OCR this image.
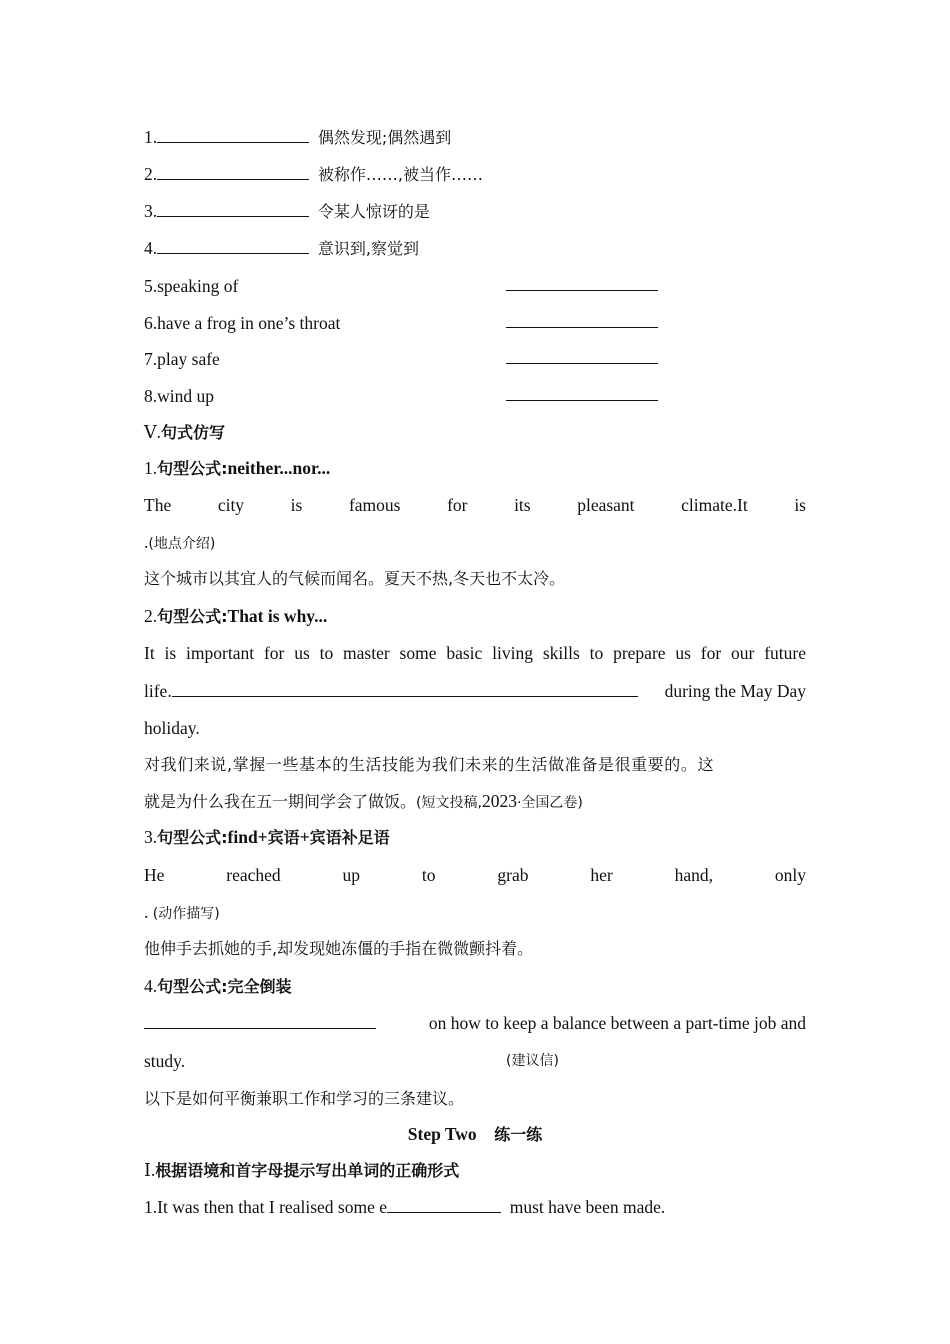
1.	偶然发现;偶然遇到
2.	被称作……,被当作……
3.	令某人惊讶的是
4.	意识到,察觉到
5.speaking of
6.have a frog in one’s throat
7.play safe
8.wind up
Ⅴ.句式仿写
1.句型公式:neither...nor...
The	city	is	famous	for	its	pleasant	climate.It	is
.(地点介绍)
这个城市以其宜人的气候而闻名。夏天不热,冬天也不太冷。
2.句型公式:That is why...
It is important for us to master some basic living skills to prepare us for our future
life.	during the May Day
holiday.
对我们来说,掌握一些基本的生活技能为我们未来的生活做准备是很重要的。这
就是为什么我在五一期间学会了做饭。(短文投稿,2023·全国乙卷)
3.句型公式:find+宾语+宾语补足语
He	reached	up	to	grab	her	hand,	only
. (动作描写)
他伸手去抓她的手,却发现她冻僵的手指在微微颤抖着。
4.句型公式:完全倒装
on how to keep a balance between a part-time job and
study.	(建议信)
以下是如何平衡兼职工作和学习的三条建议。
Step Two 练一练
Ⅰ.根据语境和首字母提示写出单词的正确形式
1.It was then that I realised some e	must have been made.
